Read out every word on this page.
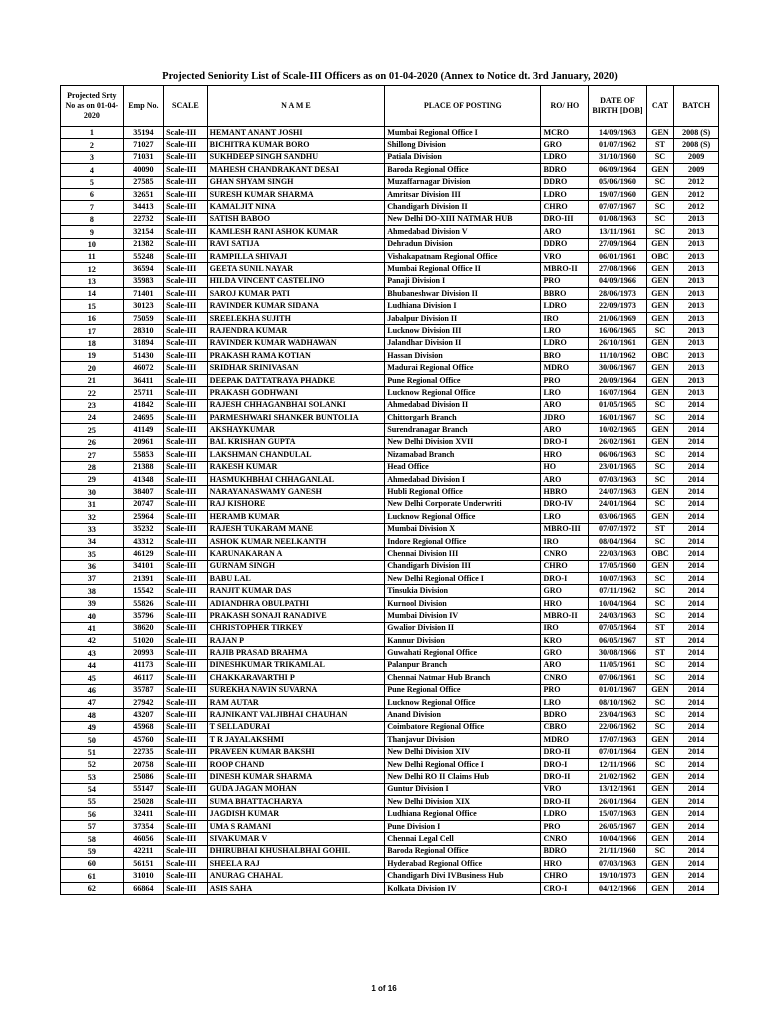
Projected Seniority List of Scale-III Officers as on 01-04-2020 (Annex to Notice dt. 3rd January, 2020)
Projected Srty No as on 01-04-2020	Emp No.	SCALE	N A M E	PLACE OF POSTING	RO/ HO	DATE OF BIRTH [DOB]	CAT	BATCH
1	35194	Scale-III	HEMANT ANANT JOSHI	Mumbai Regional Office I	MCRO	14/09/1963	GEN	2008 (S)
2	71027	Scale-III	BICHITRA KUMAR BORO	Shillong Division	GRO	01/07/1962	ST	2008 (S)
3	71031	Scale-III	SUKHDEEP SINGH SANDHU	Patiala Division	LDRO	31/10/1960	SC	2009
4	40090	Scale-III	MAHESH CHANDRAKANT DESAI	Baroda Regional Office	BDRO	06/09/1964	GEN	2009
5	27585	Scale-III	GHAN SHYAM SINGH	Muzaffarnagar Division	DDRO	05/06/1960	SC	2012
6	32651	Scale-III	SURESH KUMAR SHARMA	Amritsar Division III	LDRO	19/07/1960	GEN	2012
7	34413	Scale-III	KAMALJIT NINA	Chandigarh Division II	CHRO	07/07/1967	SC	2012
8	22732	Scale-III	SATISH BABOO	New Delhi DO-XIII NATMAR HUB	DRO-III	01/08/1963	SC	2013
9	32154	Scale-III	KAMLESH RANI ASHOK KUMAR	Ahmedabad Division V	ARO	13/11/1961	SC	2013
10	21382	Scale-III	RAVI SATIJA	Dehradun Division	DDRO	27/09/1964	GEN	2013
11	55248	Scale-III	RAMPILLA SHIVAJI	Vishakapatnam Regional Office	VRO	06/01/1961	OBC	2013
12	36594	Scale-III	GEETA SUNIL NAYAR	Mumbai Regional Office II	MBRO-II	27/08/1966	GEN	2013
13	35983	Scale-III	HILDA VINCENT CASTELINO	Panaji Division I	PRO	04/09/1966	GEN	2013
14	71401	Scale-III	SAROJ KUMAR PATI	Bhubaneshwar Division II	BBRO	28/06/1973	GEN	2013
15	30123	Scale-III	RAVINDER KUMAR SIDANA	Ludhiana Division I	LDRO	22/09/1973	GEN	2013
16	75059	Scale-III	SREELEKHA SUJITH	Jabalpur Division II	IRO	21/06/1969	GEN	2013
17	28310	Scale-III	RAJENDRA KUMAR	Lucknow Division III	LRO	16/06/1965	SC	2013
18	31894	Scale-III	RAVINDER KUMAR WADHAWAN	Jalandhar Division II	LDRO	26/10/1961	GEN	2013
19	51430	Scale-III	PRAKASH RAMA KOTIAN	Hassan Division	BRO	11/10/1962	OBC	2013
20	46072	Scale-III	SRIDHAR SRINIVASAN	Madurai Regional Office	MDRO	30/06/1967	GEN	2013
21	36411	Scale-III	DEEPAK DATTATRAYA PHADKE	Pune Regional Office	PRO	20/09/1964	GEN	2013
22	25711	Scale-III	PRAKASH GODHWANI	Lucknow Regional Office	LRO	16/07/1964	GEN	2013
23	41842	Scale-III	RAJESH CHHAGANBHAI SOLANKI	Ahmedabad Division II	ARO	01/05/1965	SC	2014
24	24695	Scale-III	PARMESHWARI SHANKER BUNTOLIA	Chittorgarh Branch	JDRO	16/01/1967	SC	2014
25	41149	Scale-III	AKSHAYKUMAR	Surendranagar Branch	ARO	10/02/1965	GEN	2014
26	20961	Scale-III	BAL KRISHAN GUPTA	New Delhi Division XVII	DRO-I	26/02/1961	GEN	2014
27	55853	Scale-III	LAKSHMAN CHANDULAL	Nizamabad Branch	HRO	06/06/1963	SC	2014
28	21388	Scale-III	RAKESH KUMAR	Head Office	HO	23/01/1965	SC	2014
29	41348	Scale-III	HASMUKHBHAI CHHAGANLAL	Ahmedabad Division I	ARO	07/03/1963	SC	2014
30	38407	Scale-III	NARAYANASWAMY GANESH	Hubli Regional Office	HBRO	24/07/1963	GEN	2014
31	20747	Scale-III	RAJ KISHORE	New Delhi Corporate Underwriti	DRO-IV	24/01/1964	SC	2014
32	25964	Scale-III	HERAMB KUMAR	Lucknow Regional Office	LRO	03/06/1965	GEN	2014
33	35232	Scale-III	RAJESH TUKARAM MANE	Mumbai Division X	MBRO-III	07/07/1972	ST	2014
34	43312	Scale-III	ASHOK KUMAR NEELKANTH	Indore Regional Office	IRO	08/04/1964	SC	2014
35	46129	Scale-III	KARUNAKARAN A	Chennai Division III	CNRO	22/03/1963	OBC	2014
36	34101	Scale-III	GURNAM SINGH	Chandigarh Division III	CHRO	17/05/1960	GEN	2014
37	21391	Scale-III	BABU LAL	New Delhi Regional Office I	DRO-I	10/07/1963	SC	2014
38	15542	Scale-III	RANJIT KUMAR DAS	Tinsukia Division	GRO	07/11/1962	SC	2014
39	55826	Scale-III	ADIANDHRA OBULPATHI	Kurnool Division	HRO	10/04/1964	SC	2014
40	35796	Scale-III	PRAKASH SONAJI RANADIVE	Mumbai Division IV	MBRO-II	24/03/1963	SC	2014
41	38620	Scale-III	CHRISTOPHER TIRKEY	Gwalior Division II	IRO	07/05/1964	ST	2014
42	51020	Scale-III	RAJAN P	Kannur Division	KRO	06/05/1967	ST	2014
43	20993	Scale-III	RAJIB PRASAD BRAHMA	Guwahati Regional Office	GRO	30/08/1966	ST	2014
44	41173	Scale-III	DINESHKUMAR TRIKAMLAL	Palanpur Branch	ARO	11/05/1961	SC	2014
45	46117	Scale-III	CHAKKARAVARTHI P	Chennai Natmar Hub Branch	CNRO	07/06/1961	SC	2014
46	35787	Scale-III	SUREKHA NAVIN SUVARNA	Pune Regional Office	PRO	01/01/1967	GEN	2014
47	27942	Scale-III	RAM AUTAR	Lucknow Regional Office	LRO	08/10/1962	SC	2014
48	43207	Scale-III	RAJNIKANT VALJIBHAI CHAUHAN	Anand Division	BDRO	23/04/1963	SC	2014
49	45968	Scale-III	T SELLADURAI	Coimbatore Regional Office	CBRO	22/06/1962	SC	2014
50	45760	Scale-III	T R JAYALAKSHMI	Thanjavur Division	MDRO	17/07/1963	GEN	2014
51	22735	Scale-III	PRAVEEN KUMAR BAKSHI	New Delhi Division XIV	DRO-II	07/01/1964	GEN	2014
52	20758	Scale-III	ROOP CHAND	New Delhi Regional Office I	DRO-I	12/11/1966	SC	2014
53	25086	Scale-III	DINESH KUMAR SHARMA	New Delhi RO II Claims Hub	DRO-II	21/02/1962	GEN	2014
54	55147	Scale-III	GUDA JAGAN MOHAN	Guntur Division I	VRO	13/12/1961	GEN	2014
55	25028	Scale-III	SUMA BHATTACHARYA	New Delhi Division XIX	DRO-II	26/01/1964	GEN	2014
56	32411	Scale-III	JAGDISH KUMAR	Ludhiana Regional Office	LDRO	15/07/1963	GEN	2014
57	37354	Scale-III	UMA S RAMANI	Pune Division I	PRO	26/05/1967	GEN	2014
58	46056	Scale-III	SIVAKUMAR V	Chennai Legal Cell	CNRO	10/04/1966	GEN	2014
59	42211	Scale-III	DHIRUBHAI KHUSHALBHAI GOHIL	Baroda Regional Office	BDRO	21/11/1960	SC	2014
60	56151	Scale-III	SHEELA RAJ	Hyderabad Regional Office	HRO	07/03/1963	GEN	2014
61	31010	Scale-III	ANURAG CHAHAL	Chandigarh Divi IVBusiness Hub	CHRO	19/10/1973	GEN	2014
62	66864	Scale-III	ASIS SAHA	Kolkata Division IV	CRO-I	04/12/1966	GEN	2014
1 of 16
